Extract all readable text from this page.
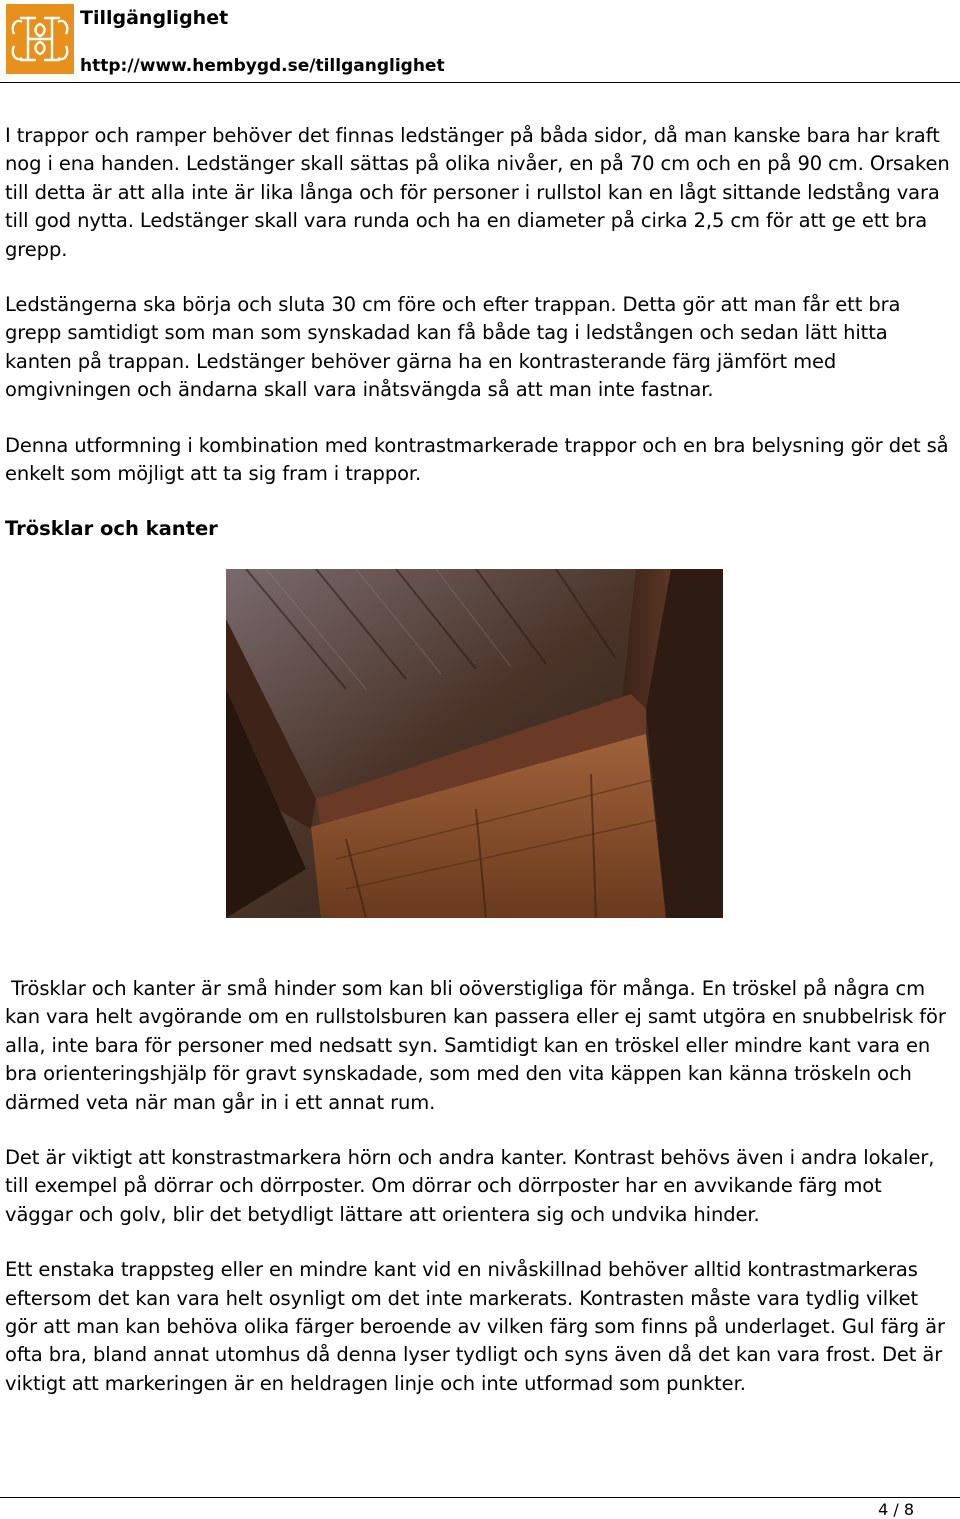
Tillgänglighet
http://www.hembygd.se/tillganglighet

I trappor och ramper behöver det finnas ledstänger på båda sidor, då man kanske bara har kraft nog i ena handen. Ledstänger skall sättas på olika nivåer, en på 70 cm och en på 90 cm. Orsaken till detta är att alla inte är lika långa och för personer i rullstol kan en lågt sittande ledstång vara till god nytta. Ledstänger skall vara runda och ha en diameter på cirka 2,5 cm för att ge ett bra grepp.

Ledstängerna ska börja och sluta 30 cm före och efter trappan. Detta gör att man får ett bra grepp samtidigt som man som synskadad kan få både tag i ledstången och sedan lätt hitta kanten på trappan. Ledstänger behöver gärna ha en kontrasterande färg jämfört med omgivningen och ändarna skall vara inåtsvängda så att man inte fastnar.

Denna utformning i kombination med kontrastmarkerade trappor och en bra belysning gör det så enkelt som möjligt att ta sig fram i trappor.

Trösklar och kanter

Trösklar och kanter är små hinder som kan bli oöverstigliga för många. En tröskel på några cm kan vara helt avgörande om en rullstolsburen kan passera eller ej samt utgöra en snubbelrisk för alla, inte bara för personer med nedsatt syn. Samtidigt kan en tröskel eller mindre kant vara en bra orienteringshjälp för gravt synskadade, som med den vita käppen kan känna tröskeln och därmed veta när man går in i ett annat rum.

Det är viktigt att konstrastmarkera hörn och andra kanter. Kontrast behövs även i andra lokaler, till exempel på dörrar och dörrposter. Om dörrar och dörrposter har en avvikande färg mot väggar och golv, blir det betydligt lättare att orientera sig och undvika hinder.

Ett enstaka trappsteg eller en mindre kant vid en nivåskillnad behöver alltid kontrastmarkeras eftersom det kan vara helt osynligt om det inte markerats. Kontrasten måste vara tydlig vilket gör att man kan behöva olika färger beroende av vilken färg som finns på underlaget. Gul färg är ofta bra, bland annat utomhus då denna lyser tydligt och syns även då det kan vara frost. Det är viktigt att markeringen är en heldragen linje och inte utformad som punkter.

4 / 8
